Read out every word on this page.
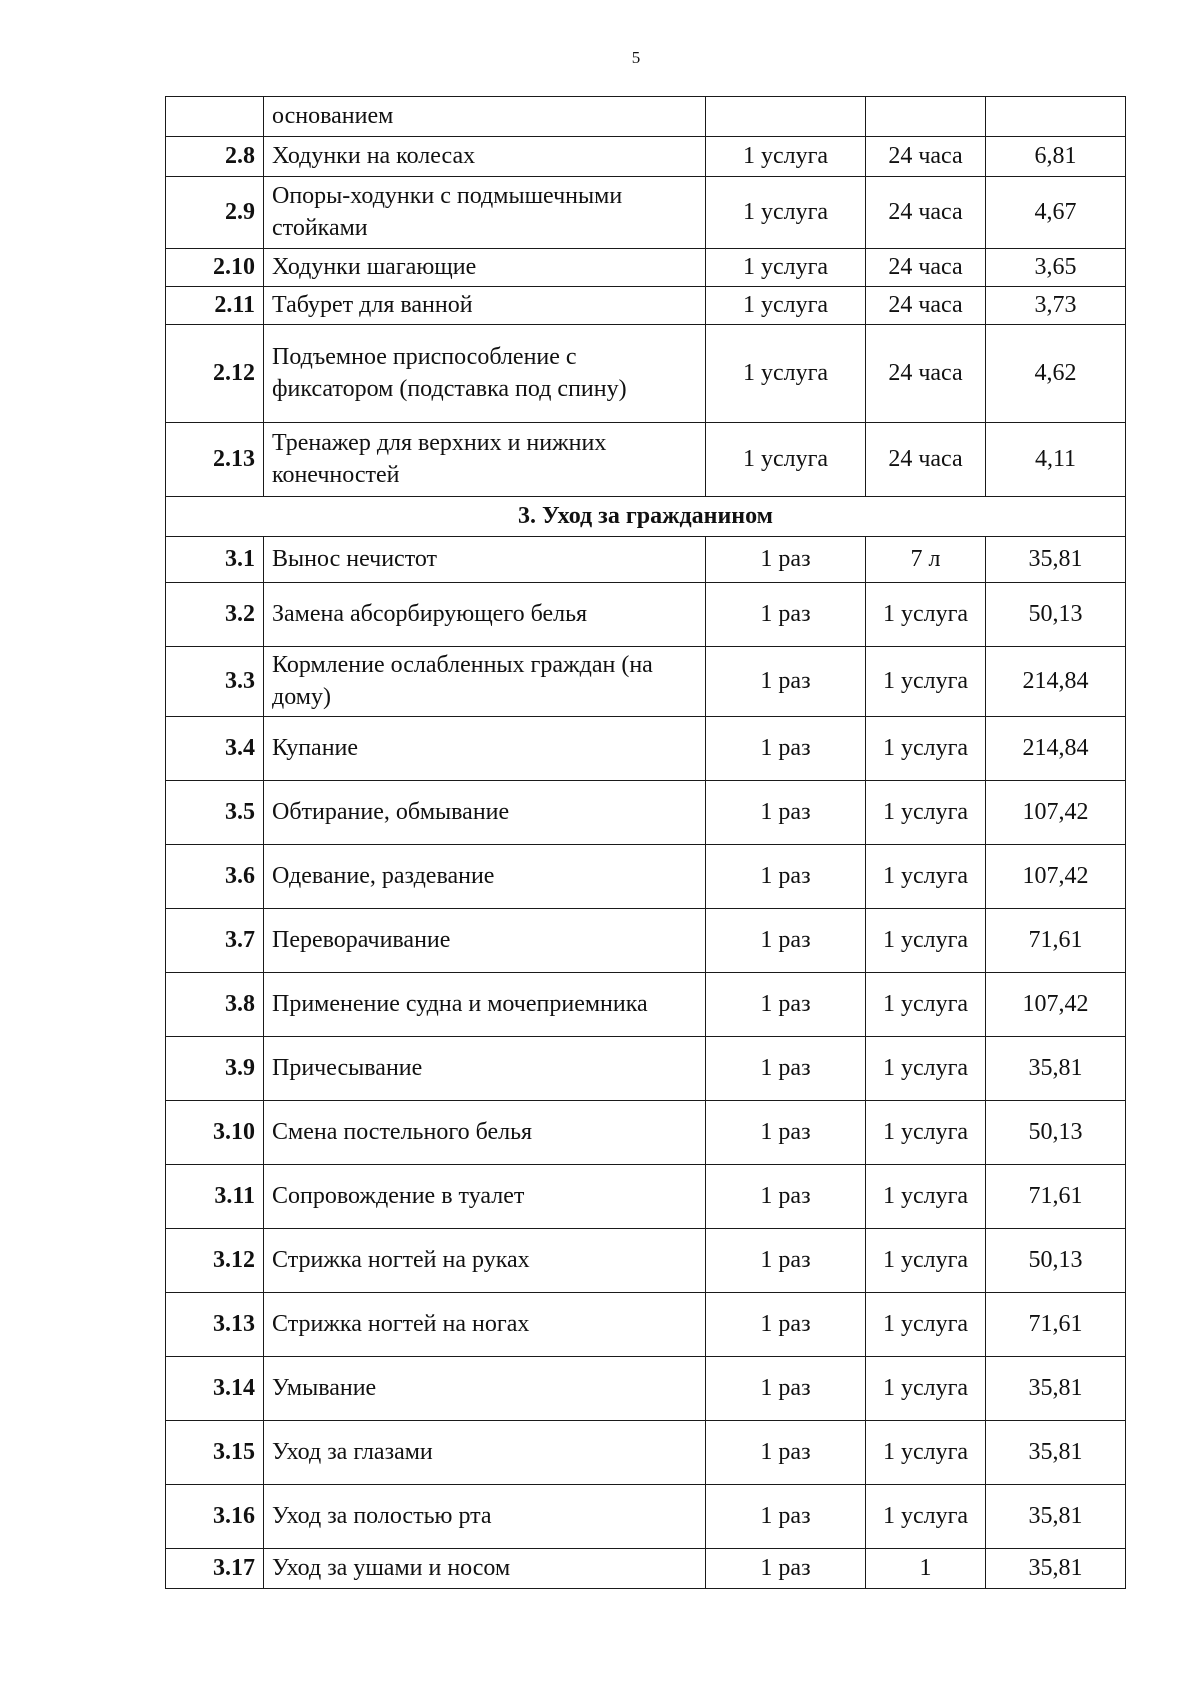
5
	основанием			
2.8	Ходунки на колесах	1 услуга	24 часа	6,81
2.9	Опоры-ходунки с подмышечными стойками	1 услуга	24 часа	4,67
2.10	Ходунки шагающие	1 услуга	24 часа	3,65
2.11	Табурет для ванной	1 услуга	24 часа	3,73
2.12	Подъемное приспособление с фиксатором (подставка под спину)	1 услуга	24 часа	4,62
2.13	Тренажер для верхних и нижних конечностей	1 услуга	24 часа	4,11
3. Уход за гражданином				
3.1	Вынос нечистот	1 раз	7 л	35,81
3.2	Замена абсорбирующего белья	1 раз	1 услуга	50,13
3.3	Кормление ослабленных граждан (на дому)	1 раз	1 услуга	214,84
3.4	Купание	1 раз	1 услуга	214,84
3.5	Обтирание, обмывание	1 раз	1 услуга	107,42
3.6	Одевание, раздевание	1 раз	1 услуга	107,42
3.7	Переворачивание	1 раз	1 услуга	71,61
3.8	Применение судна и мочеприемника	1 раз	1 услуга	107,42
3.9	Причесывание	1 раз	1 услуга	35,81
3.10	Смена постельного белья	1 раз	1 услуга	50,13
3.11	Сопровождение в туалет	1 раз	1 услуга	71,61
3.12	Стрижка ногтей на руках	1 раз	1 услуга	50,13
3.13	Стрижка ногтей на ногах	1 раз	1 услуга	71,61
3.14	Умывание	1 раз	1 услуга	35,81
3.15	Уход за глазами	1 раз	1 услуга	35,81
3.16	Уход за полостью рта	1 раз	1 услуга	35,81
3.17	Уход за ушами и носом	1 раз	1	35,81
